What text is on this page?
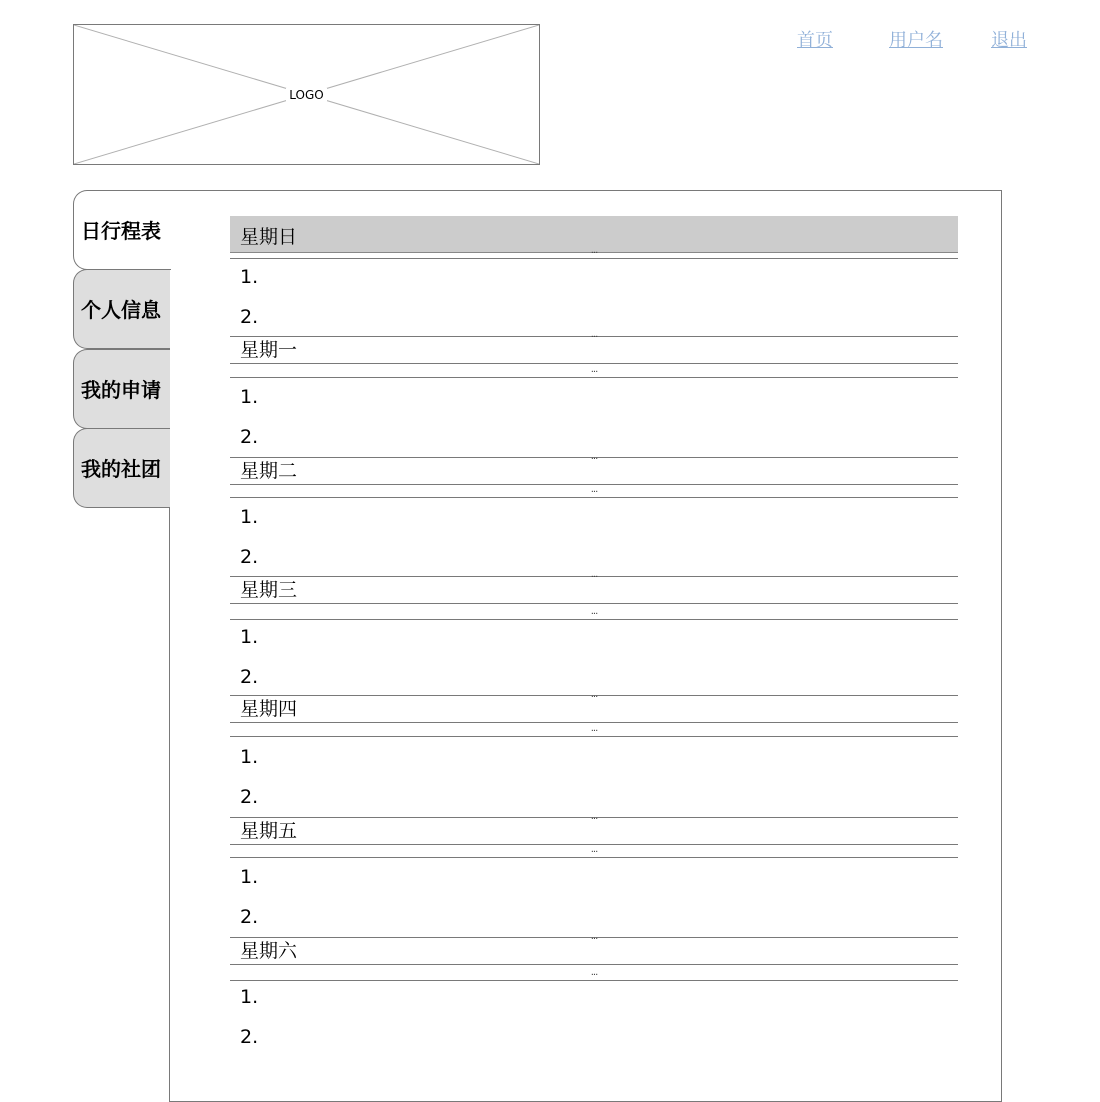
LOGO
首页	用户名	退出
日行程表
个人信息
我的申请
我的社团
星期日
···
1.
2.
···
星期一
···
1.
2.
···
星期二
···
1.
2.
···
星期三
···
1.
2.
···
星期四
···
1.
2.
···
星期五
···
1.
2.
···
星期六
···
1.
2.
